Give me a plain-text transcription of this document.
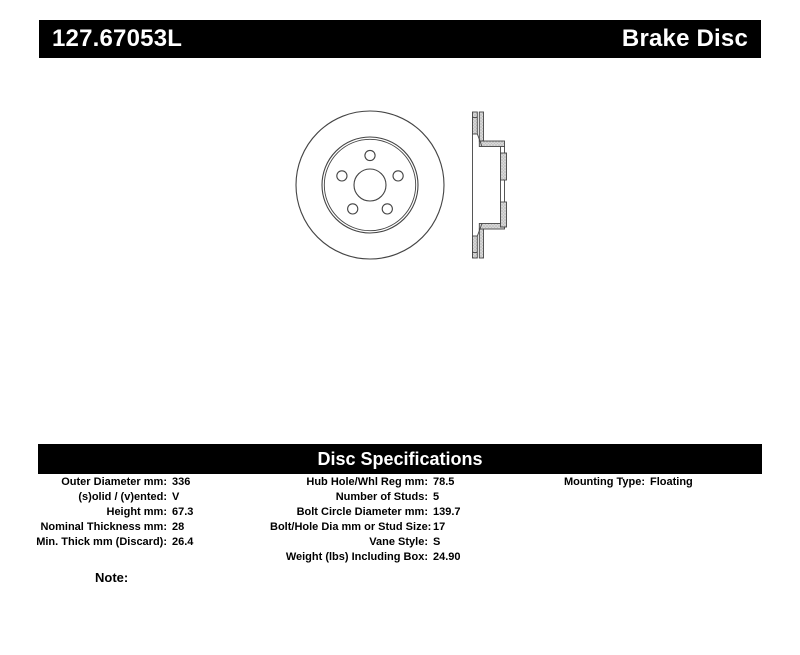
127.67053L	Brake Disc
Disc Specifications
Outer Diameter mm: 336
(s)olid / (v)ented: V
Height mm: 67.3
Nominal Thickness mm: 28
Min. Thick mm (Discard): 26.4
Hub Hole/Whl Reg mm: 78.5
Number of Studs: 5
Bolt Circle Diameter mm: 139.7
Bolt/Hole Dia mm or Stud Size: 17
Vane Style: S
Weight (lbs) Including Box: 24.90
Mounting Type: Floating
Note:
